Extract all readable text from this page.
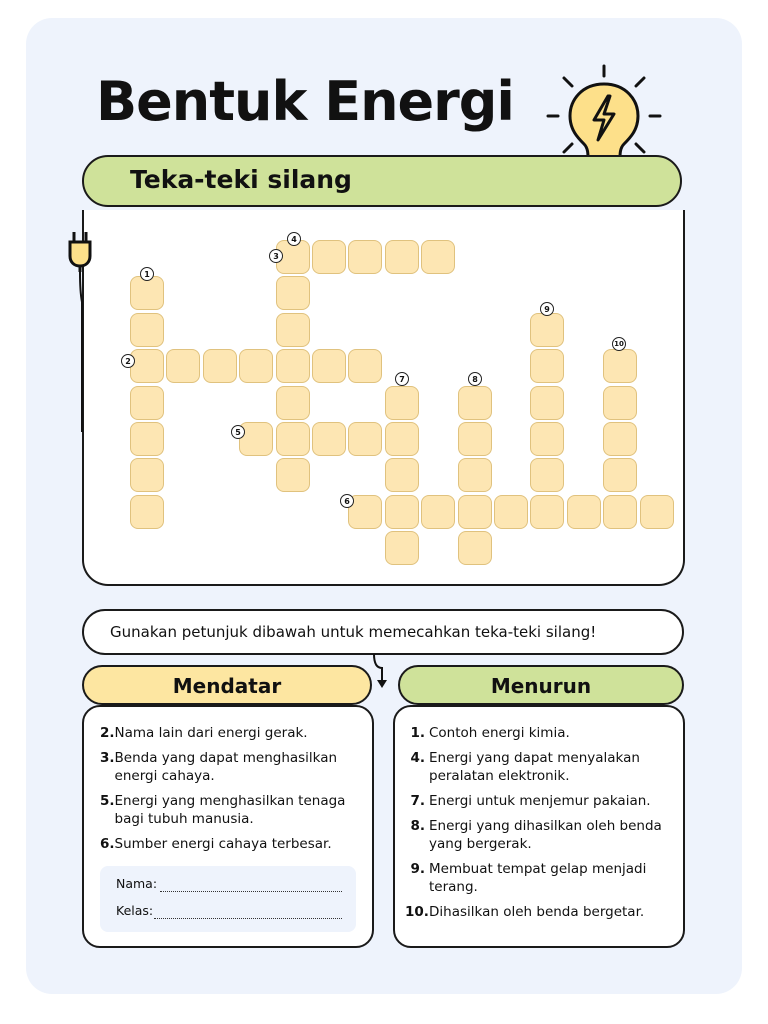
Bentuk Energi
Teka-teki silang
1
2
3
4
5
6
7	8
9
10
Gunakan petunjuk dibawah untuk memecahkan teka-teki silang!
Mendatar
2. Nama lain dari energi gerak.
3. Benda yang dapat menghasilkan energi cahaya.
5. Energi yang menghasilkan tenaga bagi tubuh manusia.
6. Sumber energi cahaya terbesar.
Nama:
Kelas:
Menurun
1. Contoh energi kimia.
4. Energi yang dapat menyalakan peralatan elektronik.
7. Energi untuk menjemur pakaian.
8. Energi yang dihasilkan oleh benda yang bergerak.
9. Membuat tempat gelap menjadi terang.
10. Dihasilkan oleh benda bergetar.
